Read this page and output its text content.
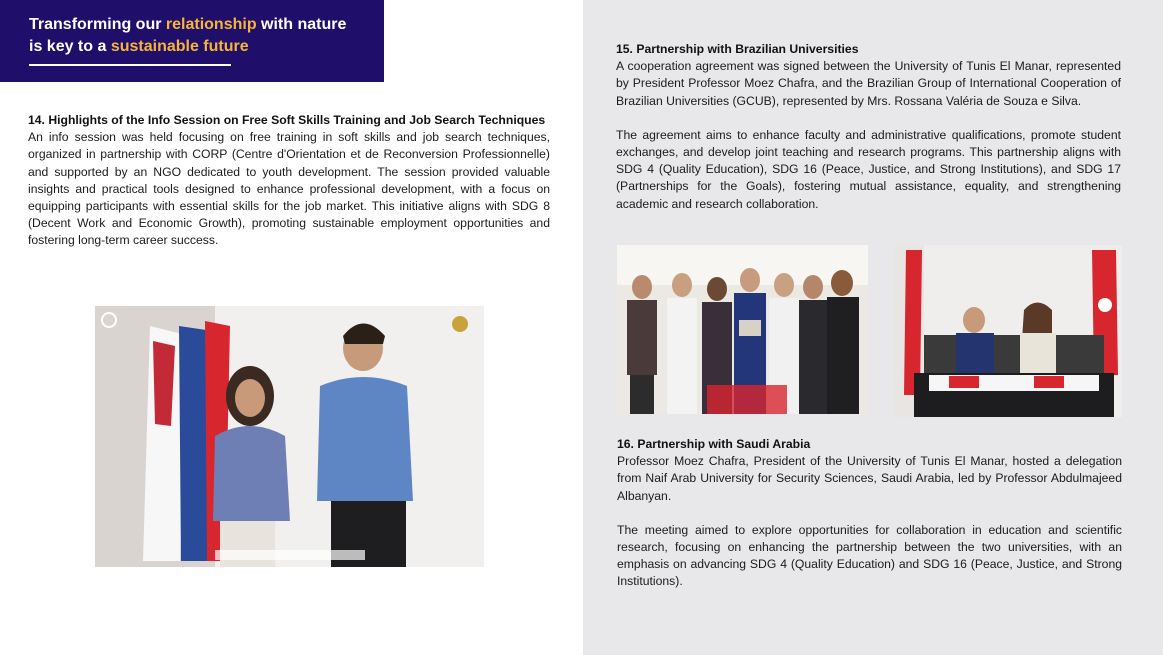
Transforming our relationship with nature
is key to a sustainable future
14. Highlights of the Info Session on Free Soft Skills Training and Job Search Techniques

An info session was held focusing on free training in soft skills and job search techniques, organized in partnership with CORP (Centre d'Orientation et de Reconversion Professionnelle) and supported by an NGO dedicated to youth development. The session provided valuable insights and practical tools designed to enhance professional development, with a focus on equipping participants with essential skills for the job market. This initiative aligns with SDG 8 (Decent Work and Economic Growth), promoting sustainable employment opportunities and fostering long-term career success.

15. Partnership with Brazilian Universities

A cooperation agreement was signed between the University of Tunis El Manar, represented by President Professor Moez Chafra, and the Brazilian Group of International Cooperation of Brazilian Universities (GCUB), represented by Mrs. Rossana Valéria de Souza e Silva.

The agreement aims to enhance faculty and administrative qualifications, promote student exchanges, and develop joint teaching and research programs. This partnership aligns with SDG 4 (Quality Education), SDG 16 (Peace, Justice, and Strong Institutions), and SDG 17 (Partnerships for the Goals), fostering mutual assistance, equality, and strengthening academic and research collaboration.

16. Partnership with Saudi Arabia

Professor Moez Chafra, President of the University of Tunis El Manar, hosted a delegation from Naif Arab University for Security Sciences, Saudi Arabia, led by Professor Abdulmajeed Albanyan.

The meeting aimed to explore opportunities for collaboration in education and scientific research, focusing on enhancing the partnership between the two universities, with an emphasis on advancing SDG 4 (Quality Education) and SDG 16 (Peace, Justice, and Strong Institutions).
